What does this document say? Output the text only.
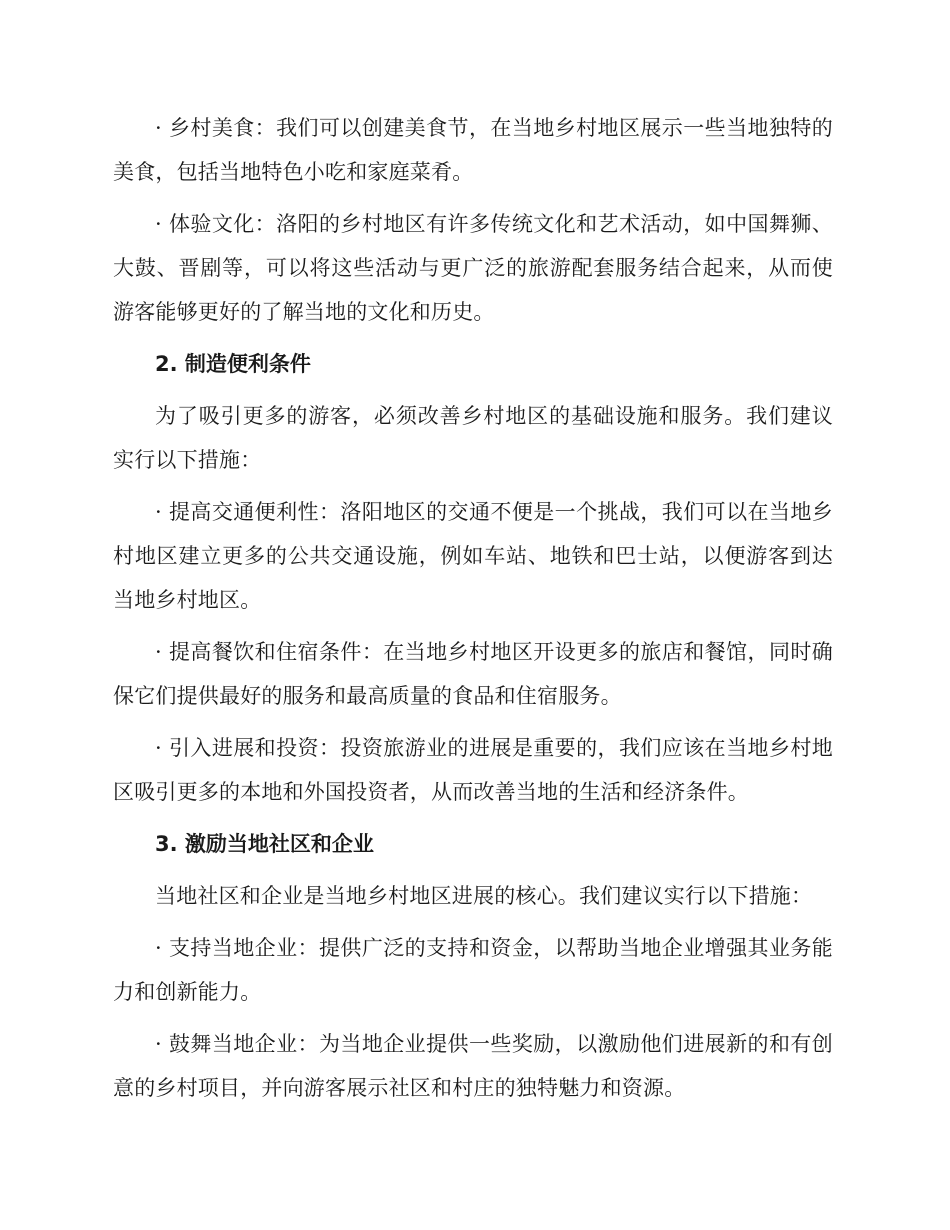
· 乡村美食：我们可以创建美食节，在当地乡村地区展示一些当地独特的美食，包括当地特色小吃和家庭菜肴。

· 体验文化：洛阳的乡村地区有许多传统文化和艺术活动，如中国舞狮、大鼓、晋剧等，可以将这些活动与更广泛的旅游配套服务结合起来，从而使游客能够更好的了解当地的文化和历史。

2. 制造便利条件

为了吸引更多的游客，必须改善乡村地区的基础设施和服务。我们建议实行以下措施：

· 提高交通便利性：洛阳地区的交通不便是一个挑战，我们可以在当地乡村地区建立更多的公共交通设施，例如车站、地铁和巴士站，以便游客到达当地乡村地区。

· 提高餐饮和住宿条件：在当地乡村地区开设更多的旅店和餐馆，同时确保它们提供最好的服务和最高质量的食品和住宿服务。

· 引入进展和投资：投资旅游业的进展是重要的，我们应该在当地乡村地区吸引更多的本地和外国投资者，从而改善当地的生活和经济条件。

3. 激励当地社区和企业

当地社区和企业是当地乡村地区进展的核心。我们建议实行以下措施：

· 支持当地企业：提供广泛的支持和资金，以帮助当地企业增强其业务能力和创新能力。

· 鼓舞当地企业：为当地企业提供一些奖励，以激励他们进展新的和有创意的乡村项目，并向游客展示社区和村庄的独特魅力和资源。
